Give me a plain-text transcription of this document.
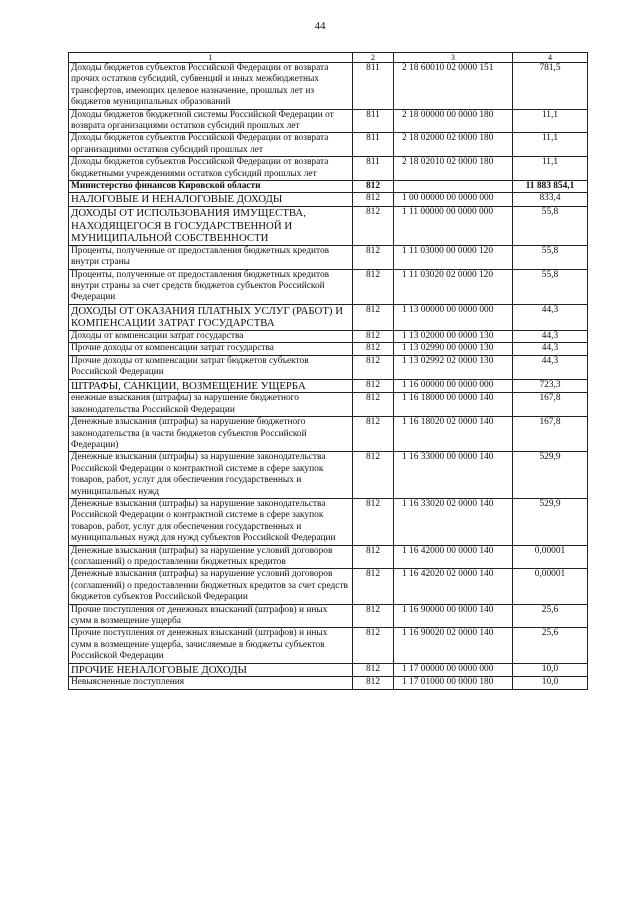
44
1	2	3	4
Доходы бюджетов субъектов Российской Федерации от возврата прочих остатков субсидий, субвенций и иных межбюджетных трансфертов, имеющих целевое назначение, прошлых лет из бюджетов муниципальных образований	811	2 18 60010 02 0000 151	781,5
Доходы бюджетов бюджетной системы Российской Федерации от возврата организациями остатков субсидий прошлых лет	811	2 18 00000 00 0000 180	11,1
Доходы бюджетов субъектов Российской Федерации от возврата организациями остатков субсидий прошлых лет	811	2 18 02000 02 0000 180	11,1
Доходы бюджетов субъектов Российской Федерации от возврата бюджетными учреждениями остатков субсидий прошлых лет	811	2 18 02010 02 0000 180	11,1
Министерство финансов Кировской области	812		11 883 854,1
НАЛОГОВЫЕ И НЕНАЛОГОВЫЕ ДОХОДЫ	812	1 00 00000 00 0000 000	833,4
ДОХОДЫ ОТ ИСПОЛЬЗОВАНИЯ ИМУЩЕСТВА, НАХОДЯЩЕГОСЯ В ГОСУДАРСТВЕННОЙ И МУНИЦИПАЛЬНОЙ СОБСТВЕННОСТИ	812	1 11 00000 00 0000 000	55,8
Проценты, полученные от предоставления бюджетных кредитов внутри страны	812	1 11 03000 00 0000 120	55,8
Проценты, полученные от предоставления бюджетных кредитов внутри страны за счет средств бюджетов субъектов Российской Федерации	812	1 11 03020 02 0000 120	55,8
ДОХОДЫ ОТ ОКАЗАНИЯ ПЛАТНЫХ УСЛУГ (РАБОТ) И КОМПЕНСАЦИИ ЗАТРАТ ГОСУДАРСТВА	812	1 13 00000 00 0000 000	44,3
Доходы от компенсации затрат государства	812	1 13 02000 00 0000 130	44,3
Прочие доходы от компенсации затрат государства	812	1 13 02990 00 0000 130	44,3
Прочие доходы от компенсации затрат бюджетов субъектов Российской Федерации	812	1 13 02992 02 0000 130	44,3
ШТРАФЫ, САНКЦИИ, ВОЗМЕЩЕНИЕ УЩЕРБА	812	1 16 00000 00 0000 000	723,3
енежные взыскания (штрафы) за нарушение бюджетного законодательства Российской Федерации	812	1 16 18000 00 0000 140	167,8
Денежные взыскания (штрафы) за нарушение бюджетного законодательства (в части бюджетов субъектов Российской Федерации)	812	1 16 18020 02 0000 140	167,8
Денежные взыскания (штрафы) за нарушение законодательства Российской Федерации о контрактной системе в сфере закупок товаров, работ, услуг для обеспечения государственных и муниципальных нужд	812	1 16 33000 00 0000 140	529,9
Денежные взыскания (штрафы) за нарушение законодательства Российской Федерации о контрактной системе в сфере закупок товаров, работ, услуг для обеспечения государственных и муниципальных нужд для нужд субъектов Российской Федерации	812	1 16 33020 02 0000 140	529,9
Денежные взыскания (штрафы) за нарушение условий договоров (соглашений) о предоставлении бюджетных кредитов	812	1 16 42000 00 0000 140	0,00001
Денежные взыскания (штрафы) за нарушение условий договоров (соглашений) о предоставлении бюджетных кредитов за счет средств бюджетов субъектов Российской Федерации	812	1 16 42020 02 0000 140	0,00001
Прочие поступления от денежных взысканий (штрафов) и иных сумм в возмещение ущерба	812	1 16 90000 00 0000 140	25,6
Прочие поступления от денежных взысканий (штрафов) и иных сумм в возмещение ущерба, зачисляемые в бюджеты субъектов Российской Федерации	812	1 16 90020 02 0000 140	25,6
ПРОЧИЕ НЕНАЛОГОВЫЕ ДОХОДЫ	812	1 17 00000 00 0000 000	10,0
Невыясненные поступления	812	1 17 01000 00 0000 180	10,0
